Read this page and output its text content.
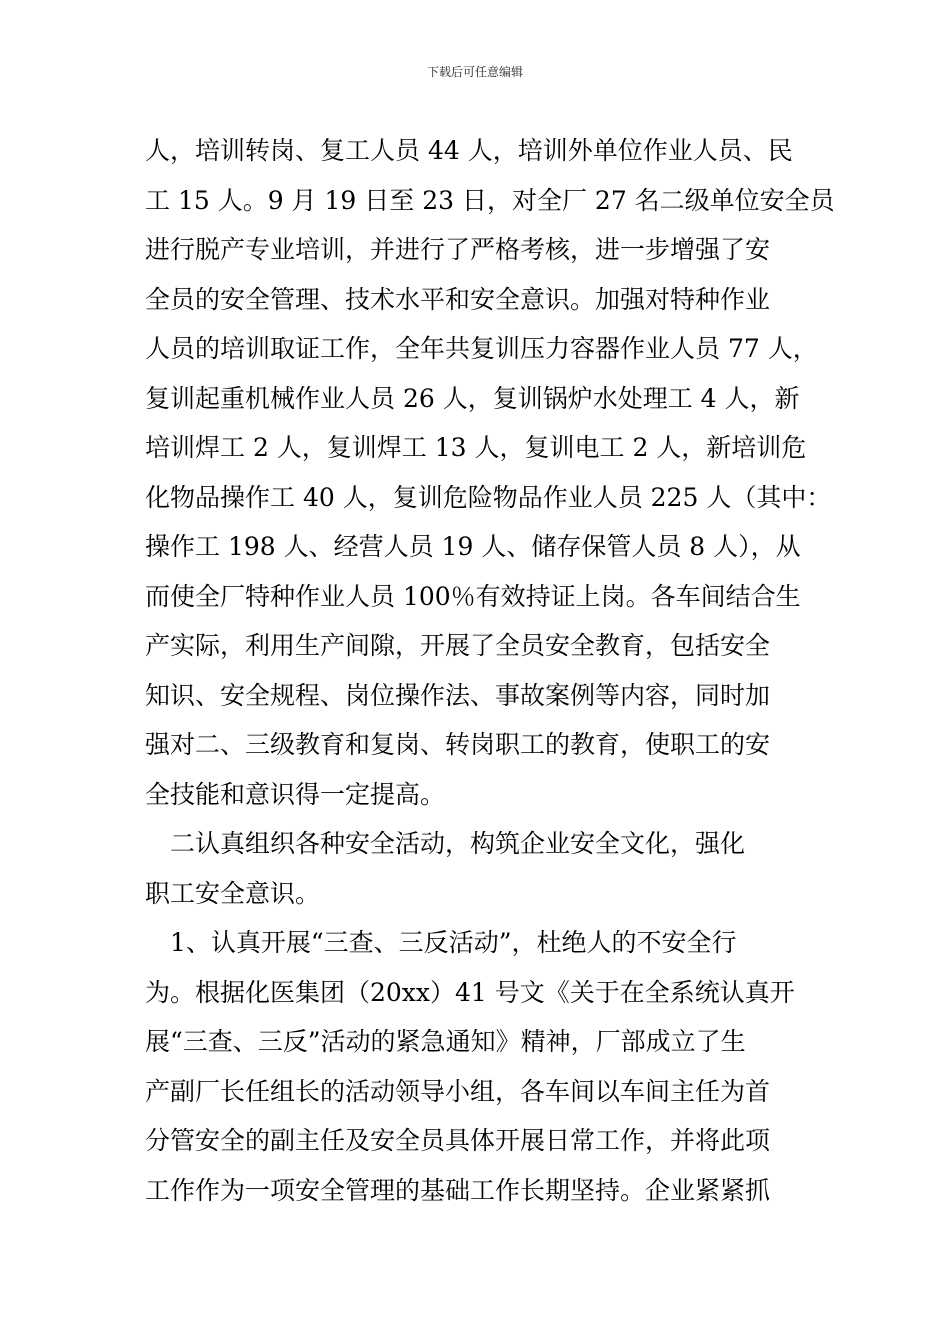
下载后可任意编辑
人，培训转岗、复工人员 44 人，培训外单位作业人员、民
工 15 人。9 月 19 日至 23 日，对全厂 27 名二级单位安全员
进行脱产专业培训，并进行了严格考核，进一步增强了安
全员的安全管理、技术水平和安全意识。加强对特种作业
人员的培训取证工作，全年共复训压力容器作业人员 77 人，
复训起重机械作业人员 26 人，复训锅炉水处理工 4 人，新
培训焊工 2 人，复训焊工 13 人，复训电工 2 人，新培训危
化物品操作工 40 人，复训危险物品作业人员 225 人（其中：
操作工 198 人、经营人员 19 人、储存保管人员 8 人），从
而使全厂特种作业人员 100％有效持证上岗。各车间结合生
产实际，利用生产间隙，开展了全员安全教育，包括安全
知识、安全规程、岗位操作法、事故案例等内容，同时加
强对二、三级教育和复岗、转岗职工的教育，使职工的安
全技能和意识得一定提高。
　二认真组织各种安全活动，构筑企业安全文化，强化
职工安全意识。
　1、认真开展“三查、三反活动”，杜绝人的不安全行
为。根据化医集团（20xx）41 号文《关于在全系统认真开
展“三查、三反”活动的紧急通知》精神，厂部成立了生
产副厂长任组长的活动领导小组，各车间以车间主任为首
分管安全的副主任及安全员具体开展日常工作，并将此项
工作作为一项安全管理的基础工作长期坚持。企业紧紧抓
